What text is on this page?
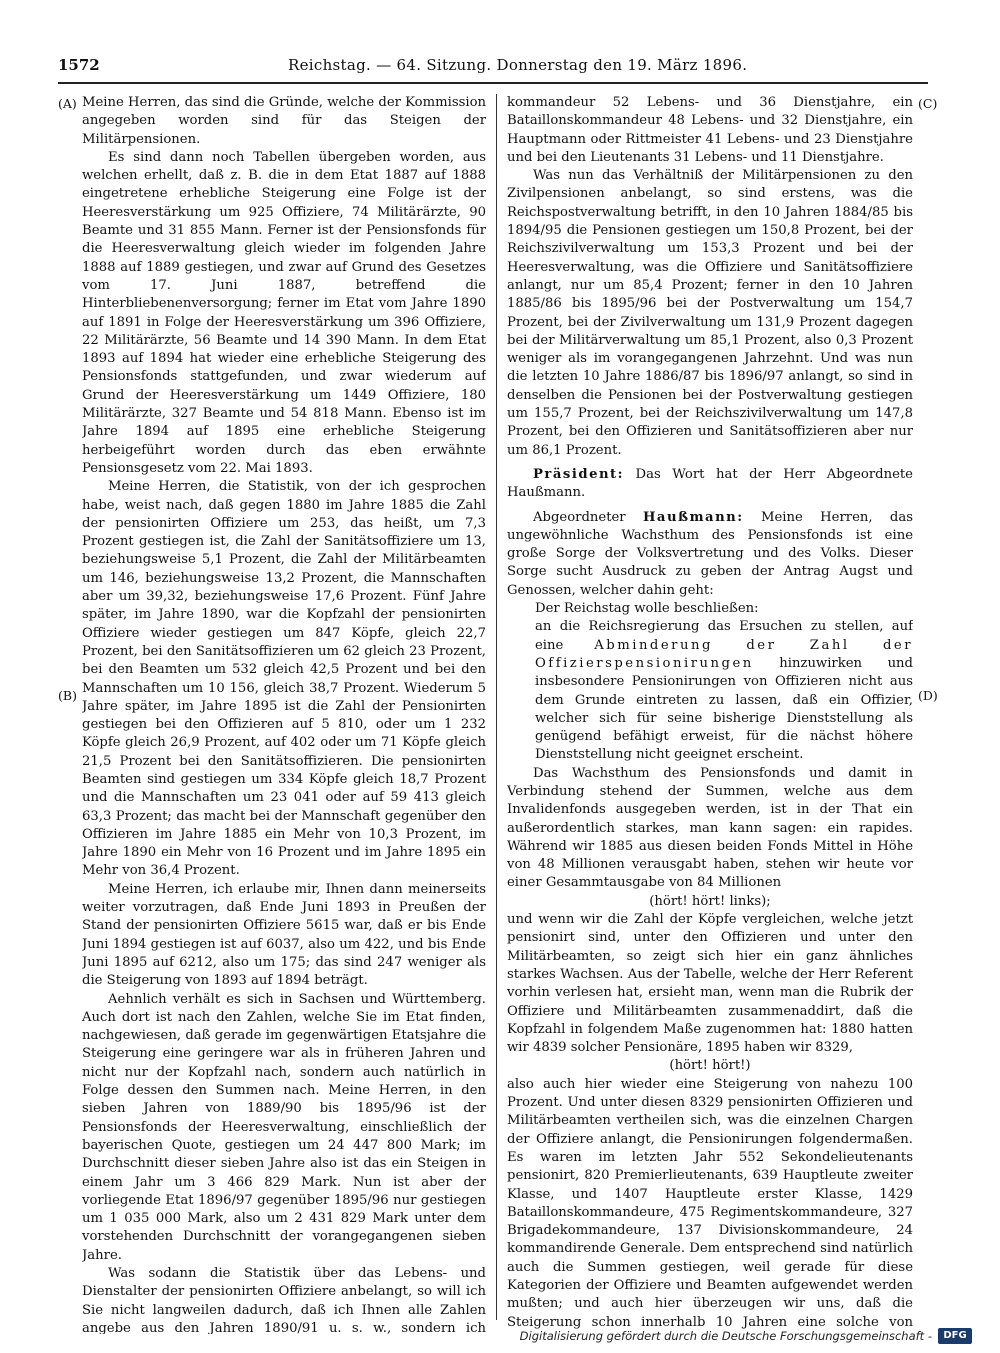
1572	Reichstag. — 64. Sitzung. Donnerstag den 19. März 1896.
(A)
(B)
(C)
(D)

Meine Herren, das sind die Gründe, welche der Kommission angegeben worden sind für das Steigen der Militärpensionen.

Es sind dann noch Tabellen übergeben worden, aus welchen erhellt, daß z. B. die in dem Etat 1887 auf 1888 eingetretene erhebliche Steigerung eine Folge ist der Heeresverstärkung um 925 Offiziere, 74 Militärärzte, 90 Beamte und 31 855 Mann. Ferner ist der Pensionsfonds für die Heeresverwaltung gleich wieder im folgenden Jahre 1888 auf 1889 gestiegen, und zwar auf Grund des Gesetzes vom 17. Juni 1887, betreffend die Hinterbliebenenversorgung; ferner im Etat vom Jahre 1890 auf 1891 in Folge der Heeresverstärkung um 396 Offiziere, 22 Militärärzte, 56 Beamte und 14 390 Mann. In dem Etat 1893 auf 1894 hat wieder eine erhebliche Steigerung des Pensionsfonds stattgefunden, und zwar wiederum auf Grund der Heeresverstärkung um 1449 Offiziere, 180 Militärärzte, 327 Beamte und 54 818 Mann. Ebenso ist im Jahre 1894 auf 1895 eine erhebliche Steigerung herbeigeführt worden durch das eben erwähnte Pensionsgesetz vom 22. Mai 1893.

Meine Herren, die Statistik, von der ich gesprochen habe, weist nach, daß gegen 1880 im Jahre 1885 die Zahl der pensionirten Offiziere um 253, das heißt, um 7,3 Prozent gestiegen ist, die Zahl der Sanitätsoffiziere um 13, beziehungsweise 5,1 Prozent, die Zahl der Militärbeamten um 146, beziehungsweise 13,2 Prozent, die Mannschaften aber um 39,32, beziehungsweise 17,6 Prozent. Fünf Jahre später, im Jahre 1890, war die Kopfzahl der pensionirten Offiziere wieder gestiegen um 847 Köpfe, gleich 22,7 Prozent, bei den Sanitätsoffizieren um 62 gleich 23 Prozent, bei den Beamten um 532 gleich 42,5 Prozent und bei den Mannschaften um 10 156, gleich 38,7 Prozent. Wiederum 5 Jahre später, im Jahre 1895 ist die Zahl der Pensionirten gestiegen bei den Offizieren auf 5 810, oder um 1 232 Köpfe gleich 26,9 Prozent, auf 402 oder um 71 Köpfe gleich 21,5 Prozent bei den Sanitätsoffizieren. Die pensionirten Beamten sind gestiegen um 334 Köpfe gleich 18,7 Prozent und die Mannschaften um 23 041 oder auf 59 413 gleich 63,3 Prozent; das macht bei der Mannschaft gegenüber den Offizieren im Jahre 1885 ein Mehr von 10,3 Prozent, im Jahre 1890 ein Mehr von 16 Prozent und im Jahre 1895 ein Mehr von 36,4 Prozent.

Meine Herren, ich erlaube mir, Ihnen dann meinerseits weiter vorzutragen, daß Ende Juni 1893 in Preußen der Stand der pensionirten Offiziere 5615 war, daß er bis Ende Juni 1894 gestiegen ist auf 6037, also um 422, und bis Ende Juni 1895 auf 6212, also um 175; das sind 247 weniger als die Steigerung von 1893 auf 1894 beträgt.

Aehnlich verhält es sich in Sachsen und Württemberg. Auch dort ist nach den Zahlen, welche Sie im Etat finden, nachgewiesen, daß gerade im gegenwärtigen Etatsjahre die Steigerung eine geringere war als in früheren Jahren und nicht nur der Kopfzahl nach, sondern auch natürlich in Folge dessen den Summen nach. Meine Herren, in den sieben Jahren von 1889/90 bis 1895/96 ist der Pensionsfonds der Heeresverwaltung, einschließlich der bayerischen Quote, gestiegen um 24 447 800 Mark; im Durchschnitt dieser sieben Jahre also ist das ein Steigen in einem Jahr um 3 466 829 Mark. Nun ist aber der vorliegende Etat 1896/97 gegenüber 1895/96 nur gestiegen um 1 035 000 Mark, also um 2 431 829 Mark unter dem vorstehenden Durchschnitt der vorangegangenen sieben Jahre.

Was sodann die Statistik über das Lebens- und Dienstalter der pensionirten Offiziere anbelangt, so will ich Sie nicht langweilen dadurch, daß ich Ihnen alle Zahlen angebe aus den Jahren 1890/91 u. s. w., sondern ich

kommandeur 52 Lebens- und 36 Dienstjahre, ein Bataillonskommandeur 48 Lebens- und 32 Dienstjahre, ein Hauptmann oder Rittmeister 41 Lebens- und 23 Dienstjahre und bei den Lieutenants 31 Lebens- und 11 Dienstjahre.

Was nun das Verhältniß der Militärpensionen zu den Zivilpensionen anbelangt, so sind erstens, was die Reichspostverwaltung betrifft, in den 10 Jahren 1884/85 bis 1894/95 die Pensionen gestiegen um 150,8 Prozent, bei der Reichszivilverwaltung um 153,3 Prozent und bei der Heeresverwaltung, was die Offiziere und Sanitätsoffiziere anlangt, nur um 85,4 Prozent; ferner in den 10 Jahren 1885/86 bis 1895/96 bei der Postverwaltung um 154,7 Prozent, bei der Zivilverwaltung um 131,9 Prozent dagegen bei der Militärverwaltung um 85,1 Prozent, also 0,3 Prozent weniger als im vorangegangenen Jahrzehnt. Und was nun die letzten 10 Jahre 1886/87 bis 1896/97 anlangt, so sind in denselben die Pensionen bei der Postverwaltung gestiegen um 155,7 Prozent, bei der Reichszivilverwaltung um 147,8 Prozent, bei den Offizieren und Sanitätsoffizieren aber nur um 86,1 Prozent.

Präsident: Das Wort hat der Herr Abgeordnete Haußmann.

Abgeordneter Haußmann: Meine Herren, das ungewöhnliche Wachsthum des Pensionsfonds ist eine große Sorge der Volksvertretung und des Volks. Dieser Sorge sucht Ausdruck zu geben der Antrag Augst und Genossen, welcher dahin geht:

Der Reichstag wolle beschließen:

an die Reichsregierung das Ersuchen zu stellen, auf eine Abminderung der Zahl der Offizierspensionirungen hinzuwirken und insbesondere Pensionirungen von Offizieren nicht aus dem Grunde eintreten zu lassen, daß ein Offizier, welcher sich für seine bisherige Dienststellung als genügend befähigt erweist, für die nächst höhere Dienststellung nicht geeignet erscheint.

Das Wachsthum des Pensionsfonds und damit in Verbindung stehend der Summen, welche aus dem Invalidenfonds ausgegeben werden, ist in der That ein außerordentlich starkes, man kann sagen: ein rapides. Während wir 1885 aus diesen beiden Fonds Mittel in Höhe von 48 Millionen verausgabt haben, stehen wir heute vor einer Gesammtausgabe von 84 Millionen

(hört! hört! links);

und wenn wir die Zahl der Köpfe vergleichen, welche jetzt pensionirt sind, unter den Offizieren und unter den Militärbeamten, so zeigt sich hier ein ganz ähnliches starkes Wachsen. Aus der Tabelle, welche der Herr Referent vorhin verlesen hat, ersieht man, wenn man die Rubrik der Offiziere und Militärbeamten zusammenaddirt, daß die Kopfzahl in folgendem Maße zugenommen hat: 1880 hatten wir 4839 solcher Pensionäre, 1895 haben wir 8329,

(hört! hört!)

also auch hier wieder eine Steigerung von nahezu 100 Prozent. Und unter diesen 8329 pensionirten Offizieren und Militärbeamten vertheilen sich, was die einzelnen Chargen der Offiziere anlangt, die Pensionirungen folgendermaßen. Es waren im letzten Jahr 552 Sekondelieutenants pensionirt, 820 Premierlieutenants, 639 Hauptleute zweiter Klasse, und 1407 Hauptleute erster Klasse, 1429 Bataillonskommandeure, 475 Regimentskommandeure, 327 Brigadekommandeure, 137 Divisionskommandeure, 24 kommandirende Generale. Dem entsprechend sind natürlich auch die Summen gestiegen, weil gerade für diese Kategorien der Offiziere und Beamten aufgewendet werden mußten; und auch hier überzeugen wir uns, daß die Steigerung schon innerhalb 10 Jahren eine solche von

Digitalisierung gefördert durch die Deutsche Forschungsgemeinschaft -	DFG
